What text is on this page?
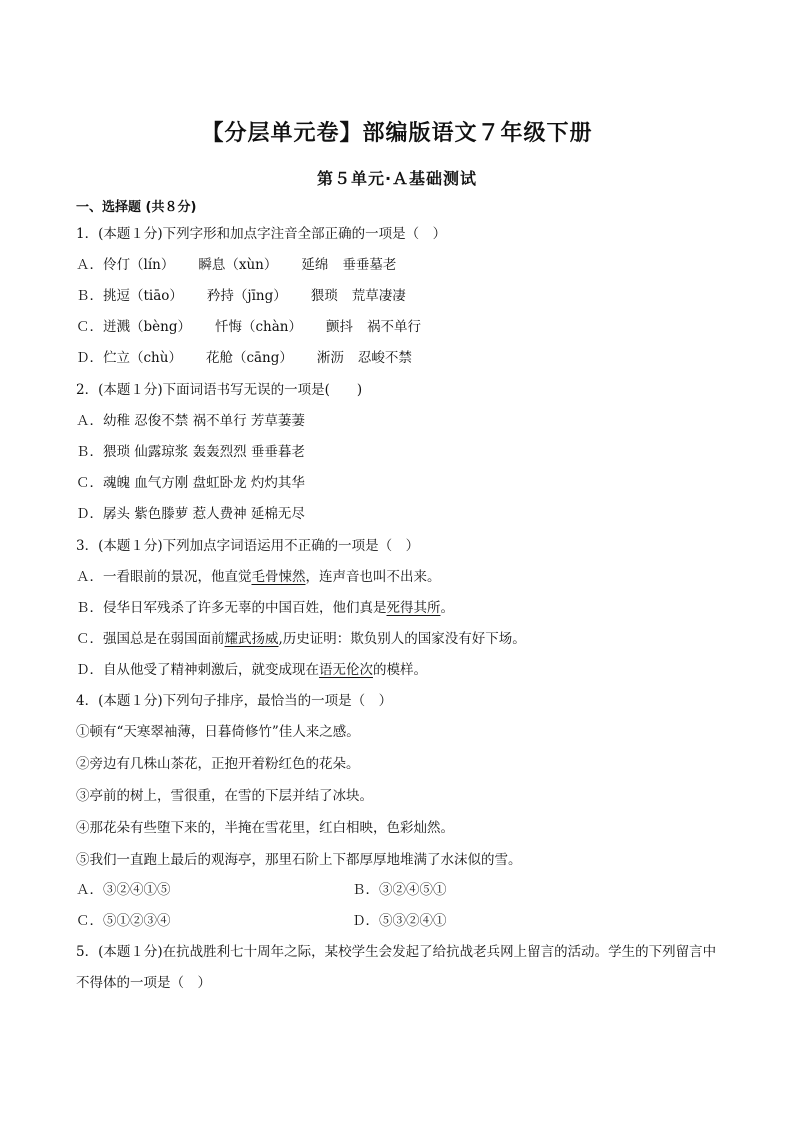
【分层单元卷】部编版语文７年级下册
第５单元·Ａ基础测试
一、选择题 (共８分)
1．(本题１分)下列字形和加点字注音全部正确的一项是（　）
Ａ．伶仃（lín） 瞬息（xùn） 延绵 垂垂墓老
Ｂ．挑逗（tiāo） 矜持（jīng） 猥琐 荒草凄凄
Ｃ．迸溅（bèng） 忏悔（chàn） 颤抖 祸不单行
Ｄ．伫立（chù） 花舱（cāng） 淅沥 忍峻不禁
2．(本题１分)下面词语书写无误的一项是(　　)
Ａ．幼稚 忍俊不禁 祸不单行 芳草萋萋
Ｂ．猥琐 仙露琼浆 轰轰烈烈 垂垂暮老
Ｃ．魂魄 血气方刚 盘虹卧龙 灼灼其华
Ｄ．孱头 紫色滕萝 惹人费神 延棉无尽
3．(本题１分)下列加点字词语运用不正确的一项是（　）
Ａ．一看眼前的景况，他直觉毛骨悚然，连声音也叫不出来。
Ｂ．侵华日军残杀了许多无辜的中国百姓，他们真是死得其所。
Ｃ．强国总是在弱国面前耀武扬威,历史证明：欺负别人的国家没有好下场。
Ｄ．自从他受了精神刺激后，就变成现在语无伦次的模样。
4．(本题１分)下列句子排序，最恰当的一项是（　）
①顿有“天寒翠袖薄，日暮倚修竹”佳人来之感。
②旁边有几株山茶花，正抱开着粉红色的花朵。
③亭前的树上，雪很重，在雪的下层并结了冰块。
④那花朵有些堕下来的，半掩在雪花里，红白相映，色彩灿然。
⑤我们一直跑上最后的观海亭，那里石阶上下都厚厚地堆满了水沫似的雪。
Ａ．③②④①⑤	Ｂ．③②④⑤①
Ｃ．⑤①②③④	Ｄ．⑤③②④①
5．(本题１分)在抗战胜利七十周年之际，某校学生会发起了给抗战老兵网上留言的活动。学生的下列留言中不得体的一项是（　）
